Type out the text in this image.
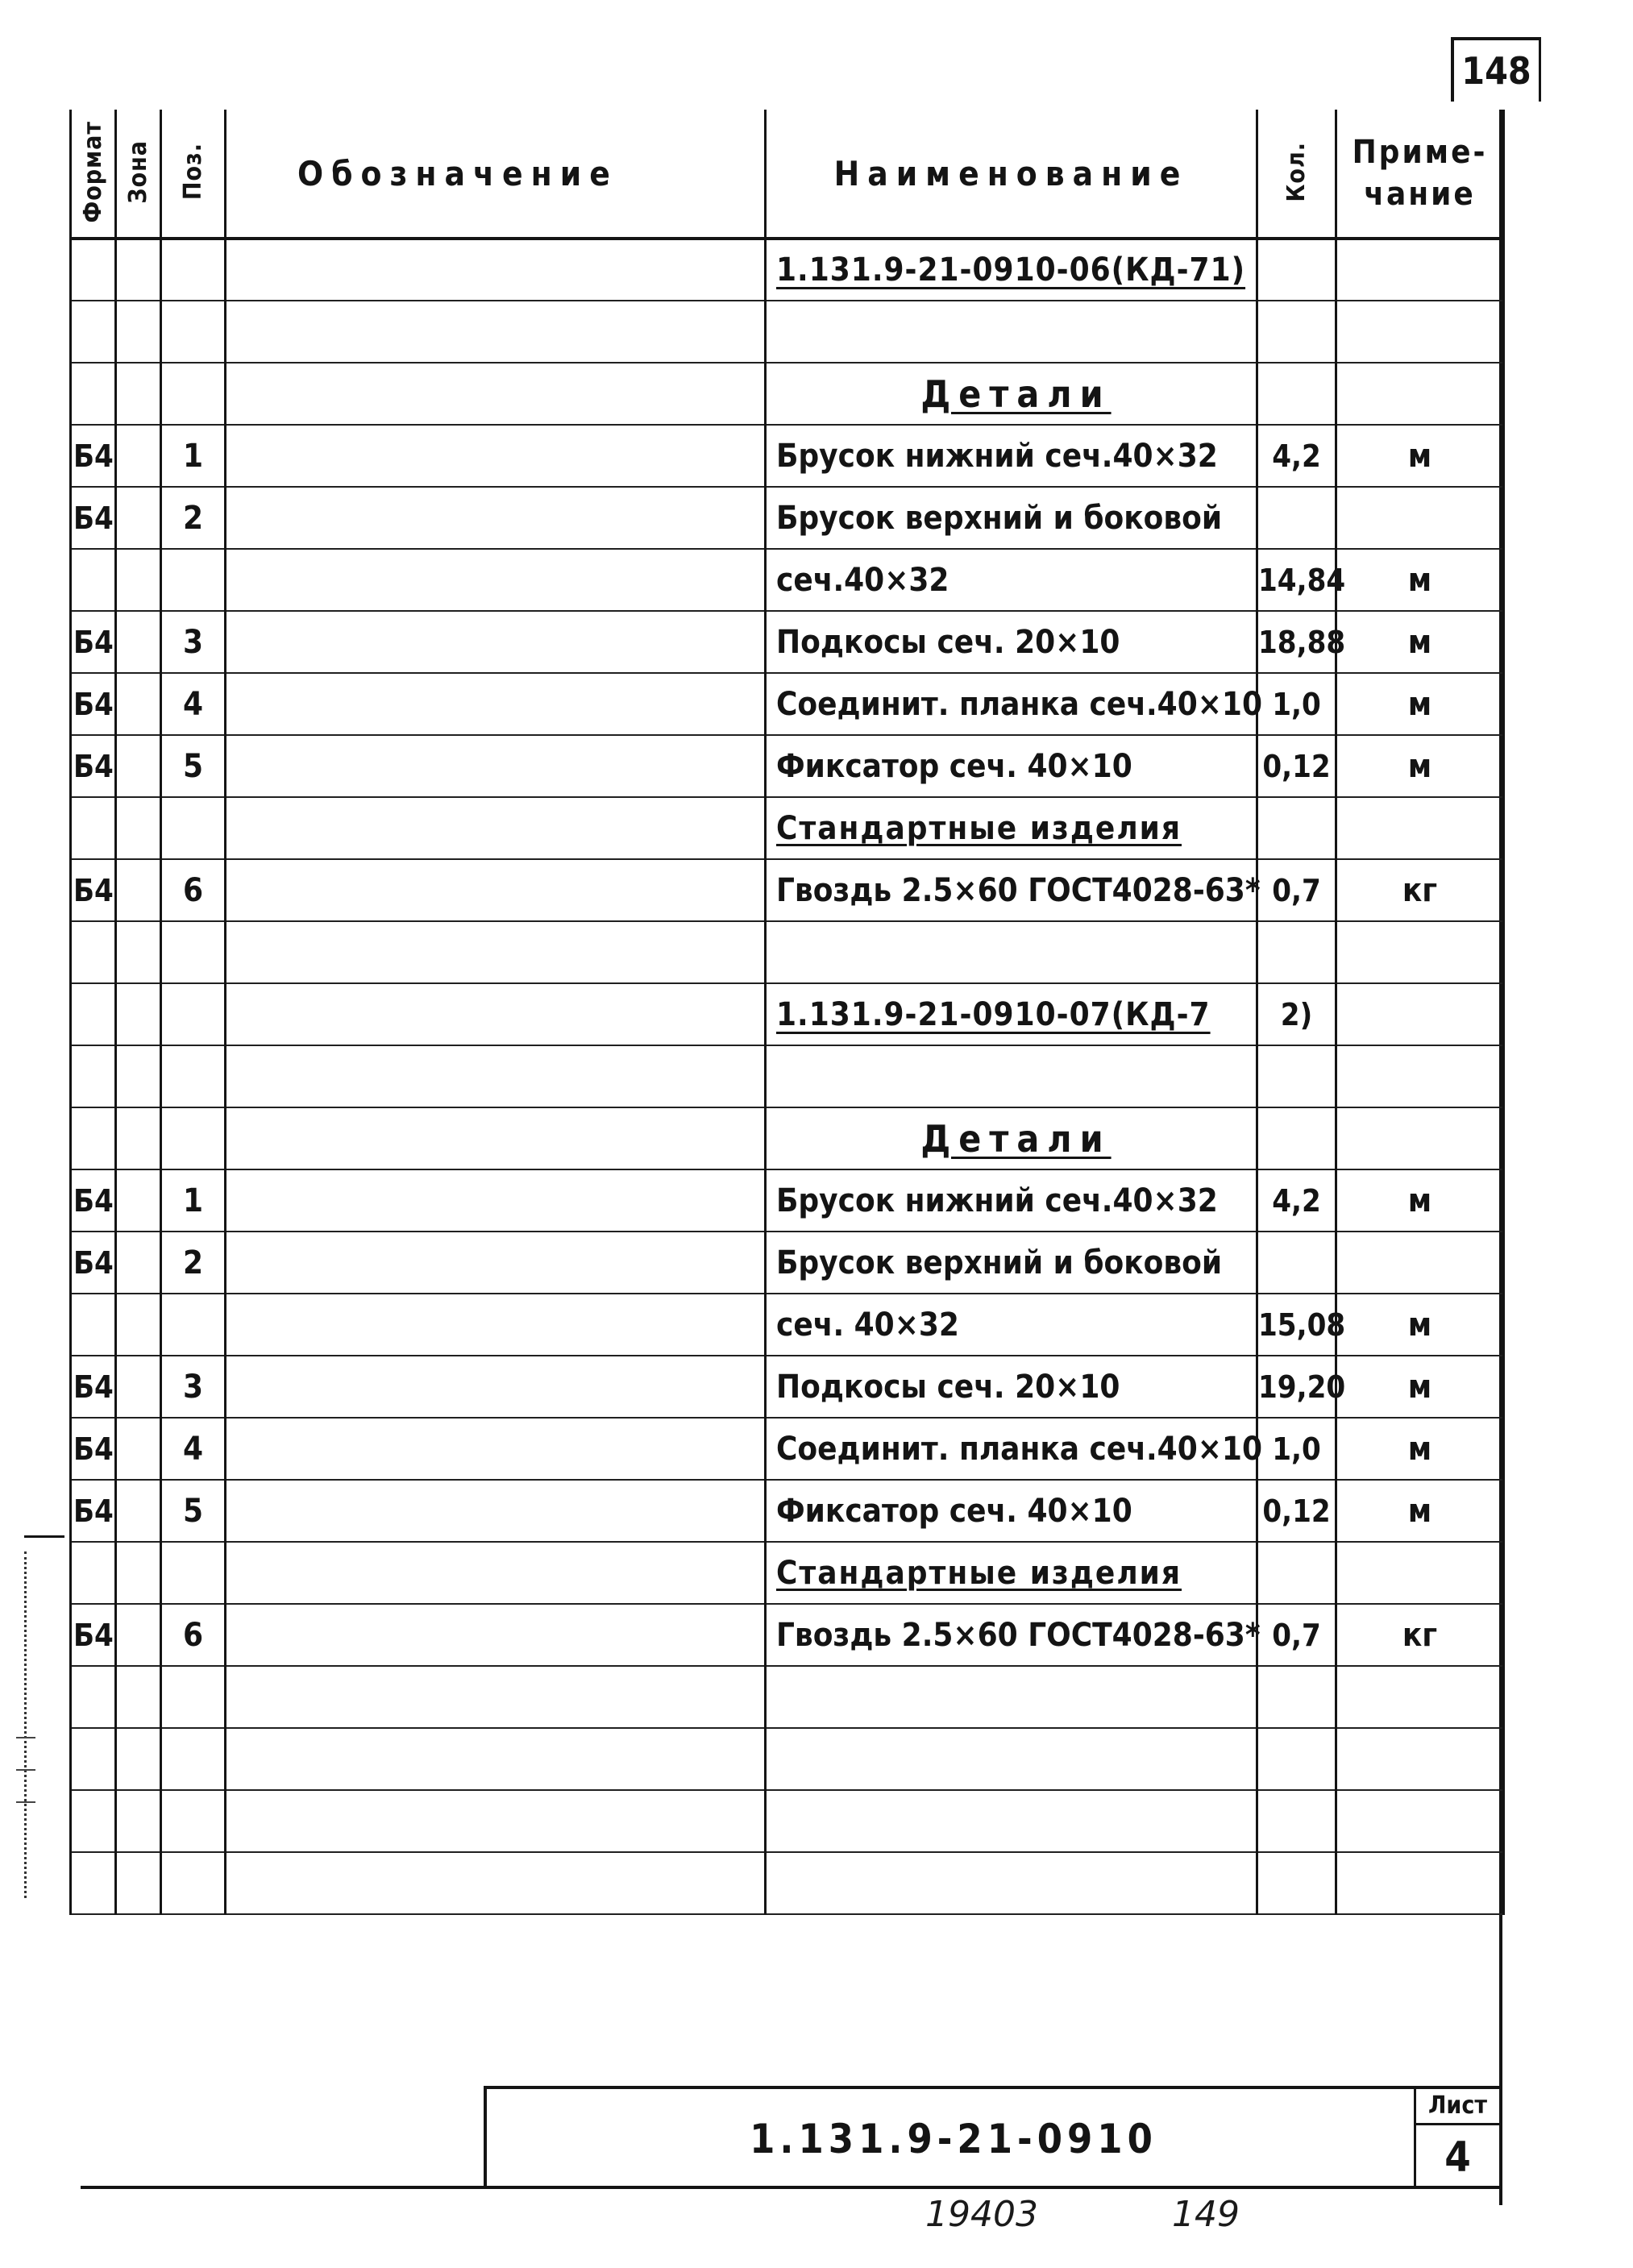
148
Формат	Зона	Поз.	Обозначение	Наименование	Кол.	Приме-
чание

				1.131.9-21-0910-06(КД-71)		

				Детали		

Б4		1		Брусок нижний сеч.40×32	4,2	м
Б4		2		Брусок верхний и боковой		
				сеч.40×32	14,84	м
Б4		3		Подкосы сеч. 20×10	18,88	м
Б4		4		Соединит. планка сеч.40×10	1,0	м
Б4		5		Фиксатор сеч. 40×10	0,12	м
				Стандартные изделия		
Б4		6		Гвоздь 2.5×60 ГОСТ4028-63*	0,7	кг

				1.131.9-21-0910-07(КД-7	2)	

				Детали		

Б4		1		Брусок нижний сеч.40×32	4,2	м
Б4		2		Брусок верхний и боковой		
				сеч. 40×32	15,08	м
Б4		3		Подкосы сеч. 20×10	19,20	м
Б4		4		Соединит. планка сеч.40×10	1,0	м
Б4		5		Фиксатор сеч. 40×10	0,12	м
				Стандартные изделия		
Б4		6		Гвоздь 2.5×60 ГОСТ4028-63*	0,7	кг

1.131.9-21-0910
Лист
4
19403	149
